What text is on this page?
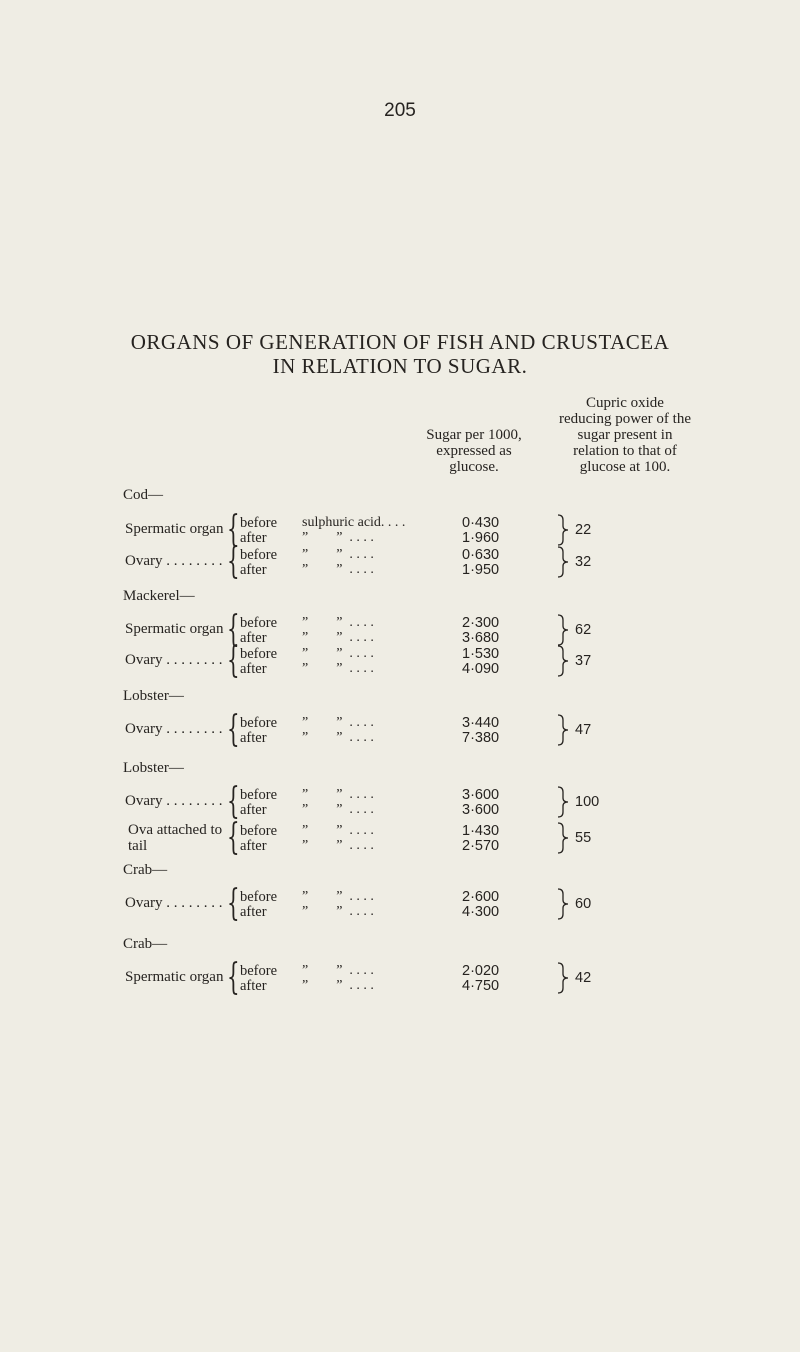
205
ORGANS OF GENERATION OF FISH AND CRUSTACEA
IN RELATION TO SUGAR.
Sugar per 1000,
expressed as
glucose.
Cupric oxide
reducing power of the
sugar present in
relation to that of
glucose at 100.
Cod—
Spermatic organ { before sulphuric acid. . . .	0·430
after	”        ”  . . . .	1·960	22
Ovary . . . . . . . . { before ”        ”  . . . .	0·630
after	”        ”  . . . .	1·950	32
Mackerel—
Spermatic organ { before ”        ”  . . . .	2·300
after	”        ”  . . . .	3·680	62
Ovary . . . . . . . . { before ”        ”  . . . .	1·530
after	”        ”  . . . .	4·090	37
Lobster—
Ovary . . . . . . . . { before ”        ”  . . . .	3·440
after	”        ”  . . . .	7·380	47
Lobster—
Ovary . . . . . . . . { before ”        ”  . . . .	3·600
after	”        ”  . . . .	3·600	100
Ova attached to
tail { before ”        ”  . . . .	1·430
after	”        ”  . . . .	2·570	55
Crab—
Ovary . . . . . . . . { before ”        ”  . . . .	2·600
after	”        ”  . . . .	4·300	60
Crab—
Spermatic organ { before ”        ”  . . . .	2·020
after	”        ”  . . . .	4·750	42
